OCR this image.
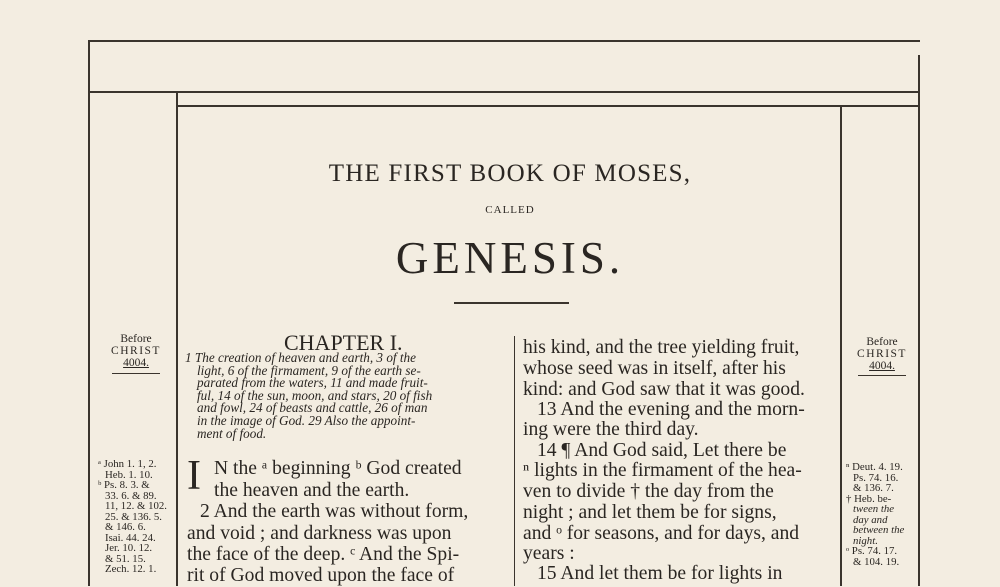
THE FIRST BOOK OF MOSES,
CALLED
GENESIS.
Before
CHRIST
4004.
Before
CHRIST
4004.
CHAPTER I.
1 The creation of heaven and earth, 3 of the
light, 6 of the firmament, 9 of the earth se-
parated from the waters, 11 and made fruit-
ful, 14 of the sun, moon, and stars, 20 of fish
and fowl, 24 of beasts and cattle, 26 of man
in the image of God. 29 Also the appoint-
ment of food.
I N the ᵃ beginning ᵇ God created
the heaven and the earth.
2 And the earth was without form,
and void ; and darkness was upon
the face of the deep. ᶜ And the Spi-
rit of God moved upon the face of
his kind, and the tree yielding fruit,
whose seed was in itself, after his
kind: and God saw that it was good.
13 And the evening and the morn-
ing were the third day.
14 ¶ And God said, Let there be
ⁿ lights in the firmament of the hea-
ven to divide † the day from the
night ; and let them be for signs,
and ᵒ for seasons, and for days, and
years :
15 And let them be for lights in
ᵃ John 1. 1, 2.
Heb. 1. 10.
ᵇ Ps. 8. 3. &
33. 6. & 89.
11, 12. & 102.
25. & 136. 5.
& 146. 6.
Isai. 44. 24.
Jer. 10. 12.
& 51. 15.
Zech. 12. 1.
ⁿ Deut. 4. 19.
Ps. 74. 16.
& 136. 7.
† Heb. be-
tween the
day and
between the
night.
ᵒ Ps. 74. 17.
& 104. 19.
